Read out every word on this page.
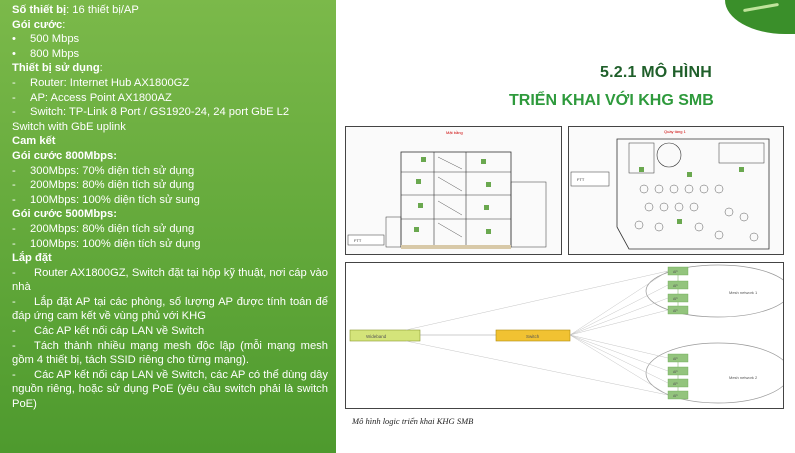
Số thiết bị: 16 thiết bị/AP
Gói cước:
• 500 Mbps
• 800 Mbps
Thiết bị sử dụng:
- Router: Internet Hub AX1800GZ
- AP: Access Point AX1800AZ
- Switch: TP-Link 8 Port / GS1920-24, 24 port GbE L2
Switch with GbE uplink
Cam kết
Gói cước 800Mbps:
- 300Mbps: 70% diện tích sử dụng
- 200Mbps: 80% diện tích sử dụng
- 100Mbps: 100% diện tích sử sung
Gói cước 500Mbps:
- 200Mbps: 80% diện tích sử dụng
- 100Mbps: 100% diện tích sử dụng
Lắp đặt
- Router AX1800GZ, Switch đặt tại hộp kỹ thuật, nơi cáp vào nhà
- Lắp đặt AP tại các phòng, số lượng AP được tính toán để đáp ứng cam kết về vùng phủ với KHG
- Các AP kết nối cáp LAN về Switch
- Tách thành nhiều mạng mesh độc lập (mỗi mạng mesh gồm 4 thiết bị, tách SSID riêng cho từng mạng).
- Các AP kết nối cáp LAN về Switch, các AP có thể dùng dây nguồn riêng, hoặc sử dụng PoE (yêu cầu switch phải là switch PoE)
5.2.1 MÔ HÌNH
TRIỂN KHAI VỚI KHG SMB
Mặt bằng
FTT
Quầy tầng 1
FTT
Wideband	Switch
AP
AP
AP
AP
AP
AP
AP
AP
Mesh network 1
Mesh network 2
Mô hình logic triển khai KHG SMB
